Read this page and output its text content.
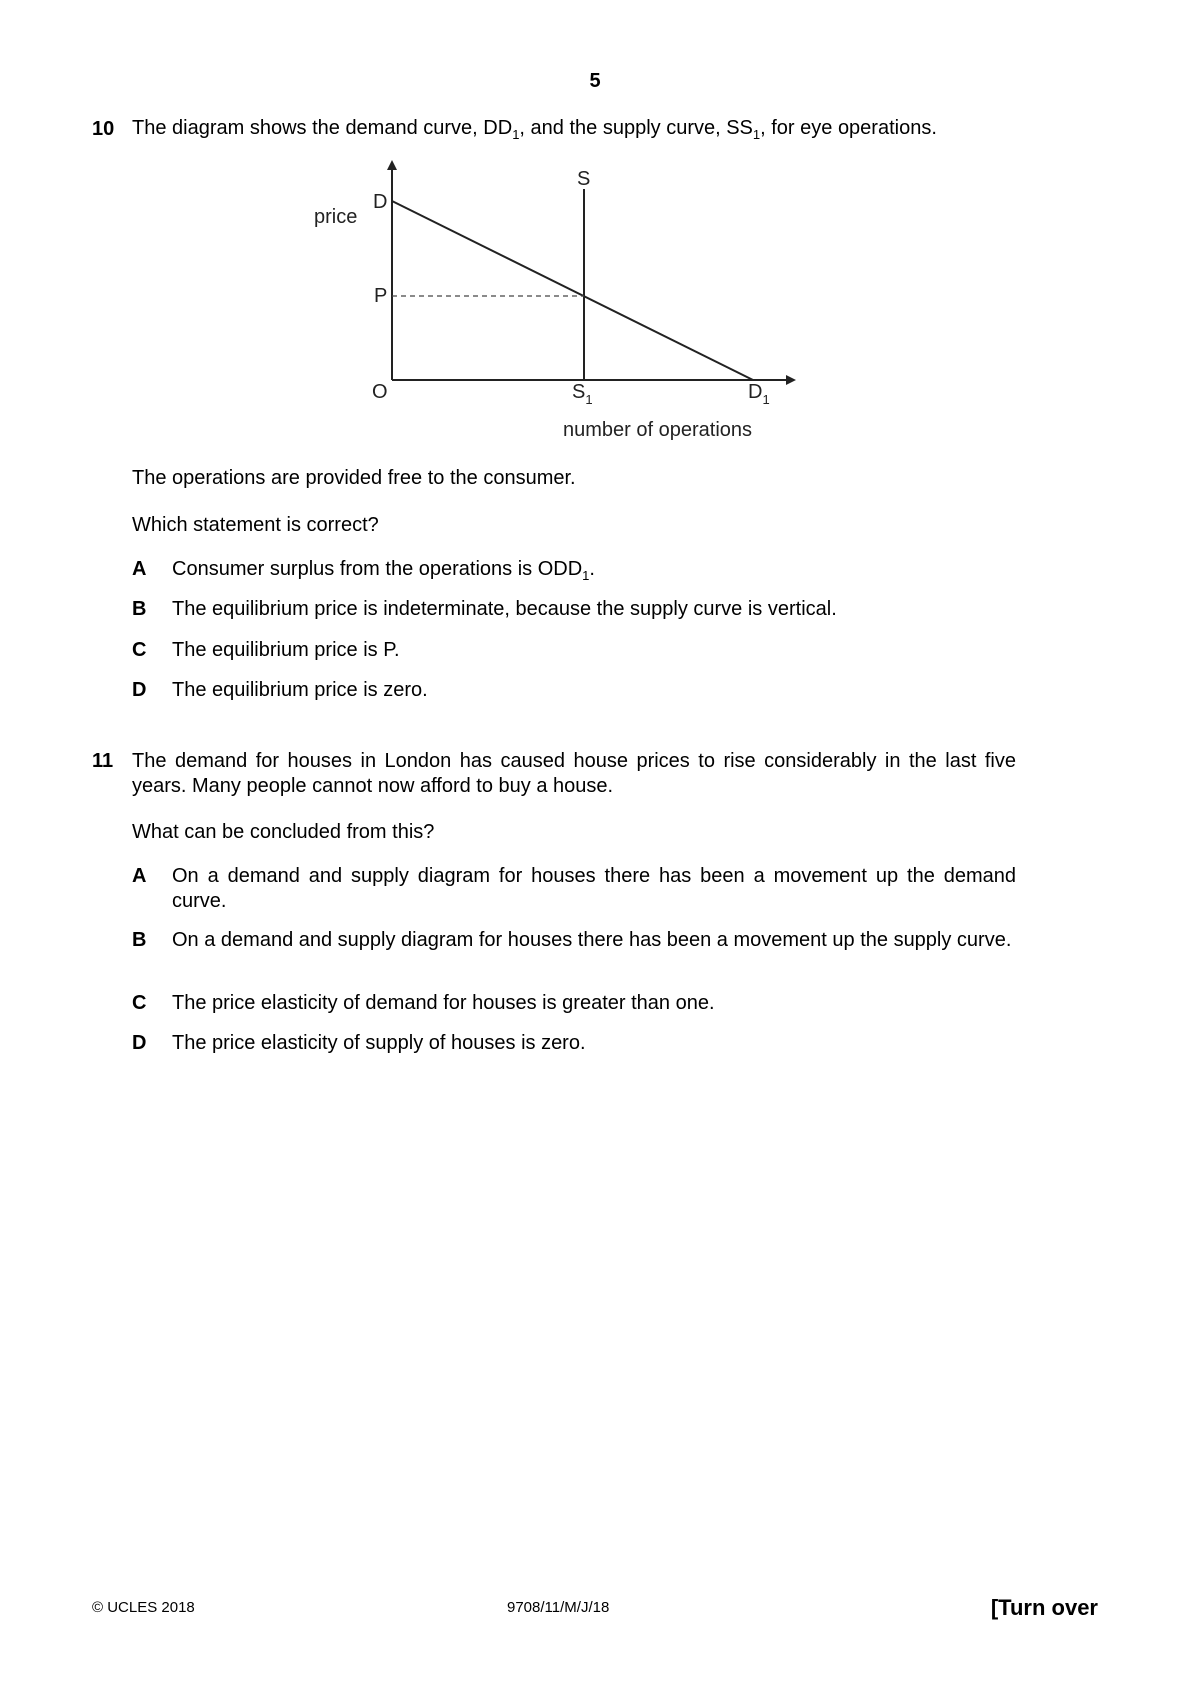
5
10 The diagram shows the demand curve, $DD_1$, and the supply curve, $SS_1$, for eye operations.
price
D
S
P
O	$S_1$	$D_1$
number of operations
The operations are provided free to the consumer.
Which statement is correct?
A Consumer surplus from the operations is $ODD_1$.
B The equilibrium price is indeterminate, because the supply curve is vertical.
C The equilibrium price is P.
D The equilibrium price is zero.
11 The demand for houses in London has caused house prices to rise considerably in the last five years. Many people cannot now afford to buy a house.
What can be concluded from this?
A On a demand and supply diagram for houses there has been a movement up the demand curve.
B On a demand and supply diagram for houses there has been a movement up the supply curve.
C The price elasticity of demand for houses is greater than one.
D The price elasticity of supply of houses is zero.
© UCLES 2018	9708/11/M/J/18	[Turn over
